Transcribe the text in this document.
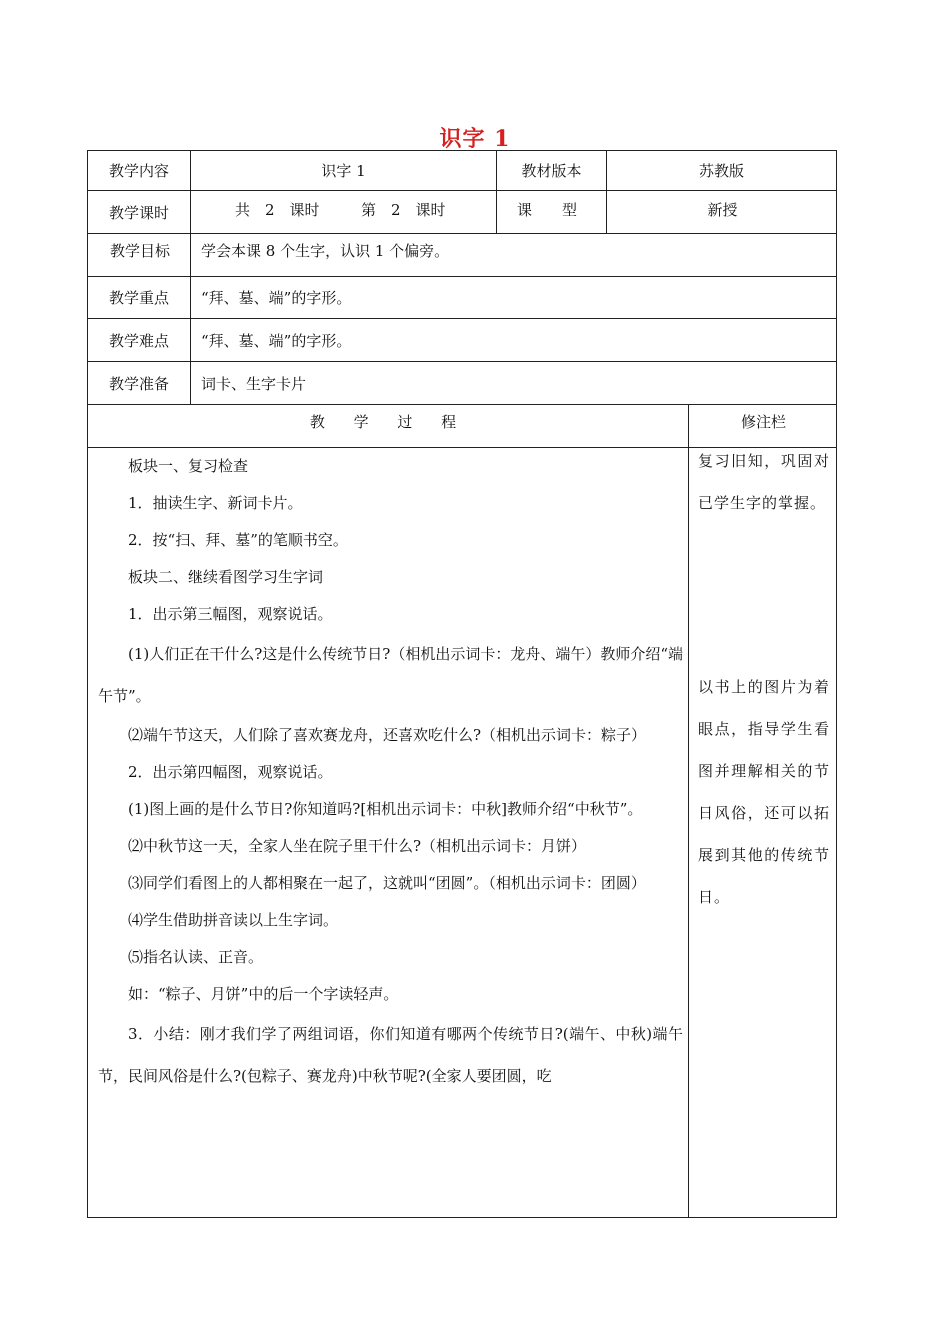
识字 1
教学内容	识字 1	教材版本	苏教版
教学课时	共　2　课时	第　2　课时	课　　型	新授
教学目标	学会本课 8 个生字，认识 1 个偏旁。
教学重点	“拜、墓、端”的字形。
教学难点	“拜、墓、端”的字形。
教学准备	词卡、生字卡片
教 学 过 程	修注栏

板块一、复习检查

1．抽读生字、新词卡片。

2．按“扫、拜、墓”的笔顺书空。

板块二、继续看图学习生字词

1．出示第三幅图，观察说话。

(1)人们正在干什么?这是什么传统节日?（相机出示词卡：龙舟、端午）教师介绍“端午节”。

⑵端午节这天，人们除了喜欢赛龙舟，还喜欢吃什么?（相机出示词卡：粽子）

2．出示第四幅图，观察说话。

(1)图上画的是什么节日?你知道吗?[相机出示词卡：中秋]教师介绍“中秋节”。

⑵中秋节这一天，全家人坐在院子里干什么?（相机出示词卡：月饼）

⑶同学们看图上的人都相聚在一起了，这就叫“团圆”。（相机出示词卡：团圆）

⑷学生借助拼音读以上生字词。

⑸指名认读、正音。

如：“粽子、月饼”中的后一个字读轻声。

3．小结：刚才我们学了两组词语，你们知道有哪两个传统节日?(端午、中秋)端午节，民间风俗是什么?(包粽子、赛龙舟)中秋节呢?(全家人要团圆，吃

复习旧知，巩固对已学生字的掌握。
以书上的图片为着眼点，指导学生看图并理解相关的节日风俗，还可以拓展到其他的传统节日。
